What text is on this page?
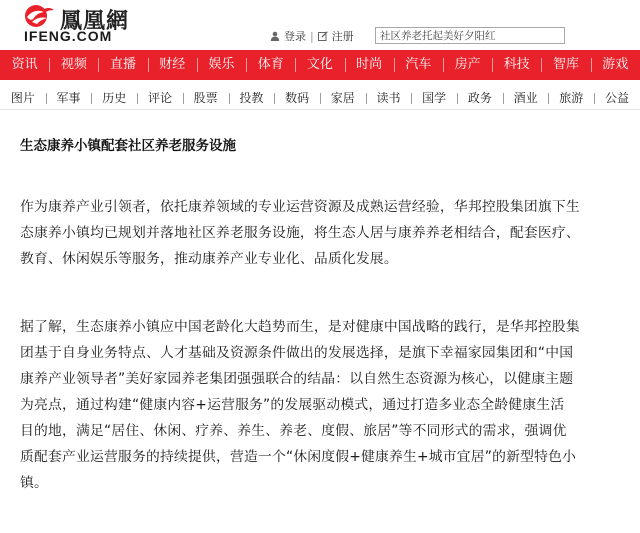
鳳凰網
IFENG.COM	登录 | 注册	社区养老托起美好夕阳红
资讯	视频	直播	财经	娱乐	体育	文化	时尚	汽车	房产	科技	智库	游戏
图片	军事	历史	评论	股票	投教	数码	家居	读书	国学	政务	酒业	旅游	公益
生态康养小镇配套社区养老服务设施
作为康养产业引领者，依托康养领域的专业运营资源及成熟运营经验，华邦控股集团旗下生
态康养小镇均已规划并落地社区养老服务设施，将生态人居与康养养老相结合，配套医疗、
教育、休闲娱乐等服务，推动康养产业专业化、品质化发展。
据了解，生态康养小镇应中国老龄化大趋势而生，是对健康中国战略的践行，是华邦控股集
团基于自身业务特点、人才基础及资源条件做出的发展选择，是旗下幸福家园集团和“中国
康养产业领导者”美好家园养老集团强强联合的结晶：以自然生态资源为核心，以健康主题
为亮点，通过构建“健康内容+运营服务”的发展驱动模式，通过打造多业态全龄健康生活
目的地，满足“居住、休闲、疗养、养生、养老、度假、旅居”等不同形式的需求，强调优
质配套产业运营服务的持续提供，营造一个“休闲度假+健康养生+城市宜居”的新型特色小
镇。
